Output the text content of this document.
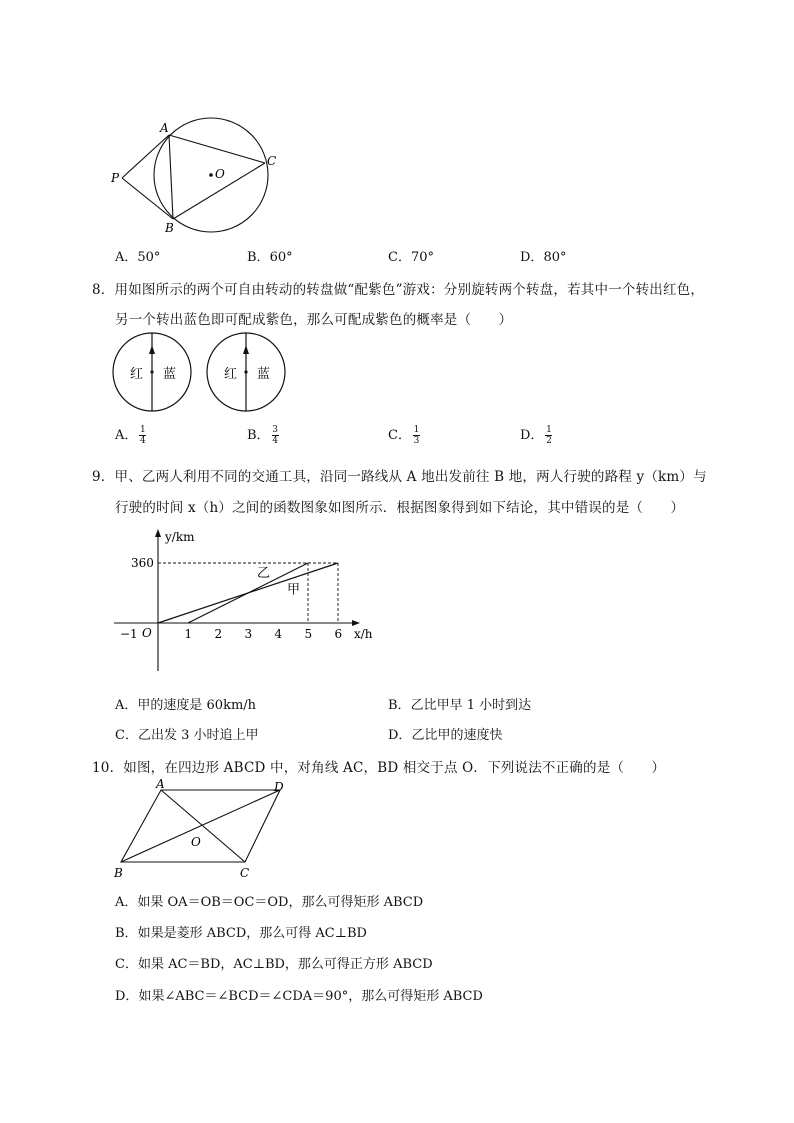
A
B
C
P	O
A．50°	B．60°	C．70°	D．80°
8．用如图所示的两个可自由转动的转盘做“配紫色”游戏：分别旋转两个转盘，若其中一个转出红色，
另一个转出蓝色即可配成紫色，那么可配成紫色的概率是（　　）
红 蓝	红 蓝
A． $\frac{1}{4}$	B． $\frac{3}{4}$	C． $\frac{1}{3}$	D． $\frac{1}{2}$
9．甲、乙两人利用不同的交通工具，沿同一路线从 A 地出发前往 B 地，两人行驶的路程 y（km）与
行驶的时间 x（h）之间的函数图象如图所示．根据图象得到如下结论，其中错误的是（　　）
y/km
x/h
O
−1	1 2 3 4 5 6
360
甲
乙
A．甲的速度是 60km/h	B．乙比甲早 1 小时到达
C．乙出发 3 小时追上甲	D．乙比甲的速度快
10．如图，在四边形 ABCD 中，对角线 AC，BD 相交于点 O．下列说法不正确的是（　　）
A	D
B	C
O
A．如果 OA＝OB＝OC＝OD，那么可得矩形 ABCD
B．如果是菱形 ABCD，那么可得 AC⊥BD
C．如果 AC＝BD，AC⊥BD，那么可得正方形 ABCD
D．如果∠ABC＝∠BCD＝∠CDA＝90°，那么可得矩形 ABCD
